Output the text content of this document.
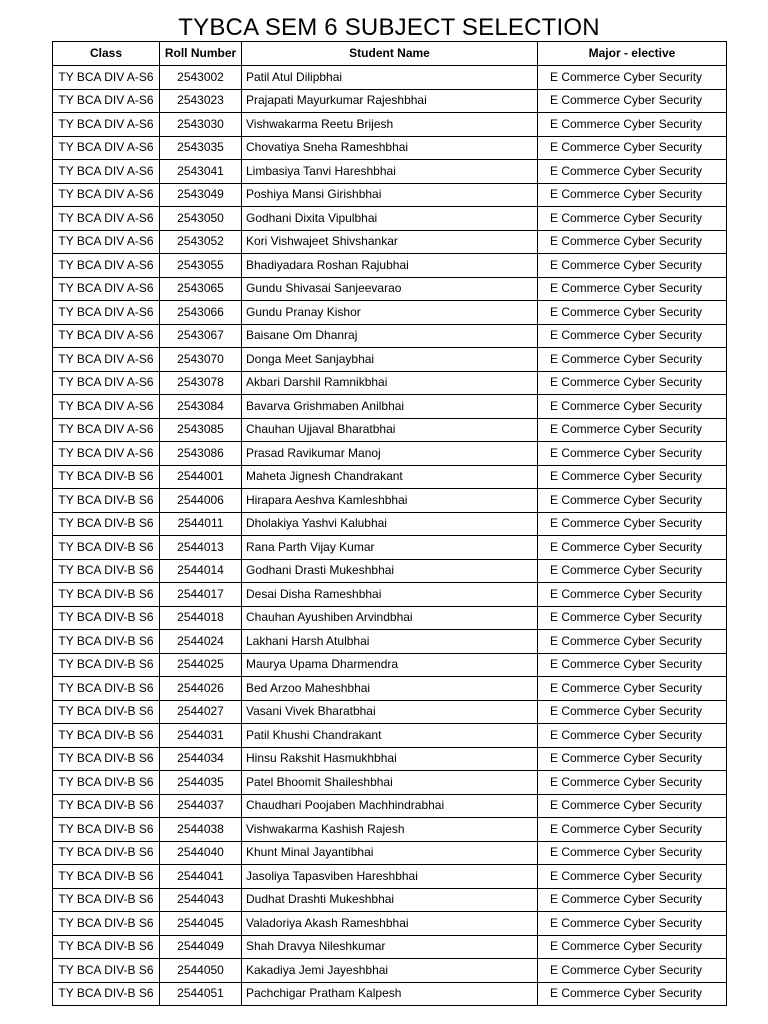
TYBCA SEM 6 SUBJECT SELECTION
Class	Roll Number	Student Name	Major - elective
TY BCA DIV A-S6	2543002	Patil Atul Dilipbhai	E Commerce Cyber Security
TY BCA DIV A-S6	2543023	Prajapati Mayurkumar Rajeshbhai	E Commerce Cyber Security
TY BCA DIV A-S6	2543030	Vishwakarma Reetu Brijesh	E Commerce Cyber Security
TY BCA DIV A-S6	2543035	Chovatiya Sneha Rameshbhai	E Commerce Cyber Security
TY BCA DIV A-S6	2543041	Limbasiya Tanvi Hareshbhai	E Commerce Cyber Security
TY BCA DIV A-S6	2543049	Poshiya Mansi Girishbhai	E Commerce Cyber Security
TY BCA DIV A-S6	2543050	Godhani Dixita Vipulbhai	E Commerce Cyber Security
TY BCA DIV A-S6	2543052	Kori Vishwajeet Shivshankar	E Commerce Cyber Security
TY BCA DIV A-S6	2543055	Bhadiyadara Roshan Rajubhai	E Commerce Cyber Security
TY BCA DIV A-S6	2543065	Gundu Shivasai Sanjeevarao	E Commerce Cyber Security
TY BCA DIV A-S6	2543066	Gundu Pranay Kishor	E Commerce Cyber Security
TY BCA DIV A-S6	2543067	Baisane Om Dhanraj	E Commerce Cyber Security
TY BCA DIV A-S6	2543070	Donga Meet Sanjaybhai	E Commerce Cyber Security
TY BCA DIV A-S6	2543078	Akbari Darshil Ramnikbhai	E Commerce Cyber Security
TY BCA DIV A-S6	2543084	Bavarva Grishmaben Anilbhai	E Commerce Cyber Security
TY BCA DIV A-S6	2543085	Chauhan Ujjaval Bharatbhai	E Commerce Cyber Security
TY BCA DIV A-S6	2543086	Prasad Ravikumar Manoj	E Commerce Cyber Security
TY BCA DIV-B S6	2544001	Maheta Jignesh Chandrakant	E Commerce Cyber Security
TY BCA DIV-B S6	2544006	Hirapara Aeshva Kamleshbhai	E Commerce Cyber Security
TY BCA DIV-B S6	2544011	Dholakiya Yashvi Kalubhai	E Commerce Cyber Security
TY BCA DIV-B S6	2544013	Rana Parth Vijay Kumar	E Commerce Cyber Security
TY BCA DIV-B S6	2544014	Godhani Drasti Mukeshbhai	E Commerce Cyber Security
TY BCA DIV-B S6	2544017	Desai Disha Rameshbhai	E Commerce Cyber Security
TY BCA DIV-B S6	2544018	Chauhan Ayushiben Arvindbhai	E Commerce Cyber Security
TY BCA DIV-B S6	2544024	Lakhani Harsh Atulbhai	E Commerce Cyber Security
TY BCA DIV-B S6	2544025	Maurya Upama Dharmendra	E Commerce Cyber Security
TY BCA DIV-B S6	2544026	Bed Arzoo Maheshbhai	E Commerce Cyber Security
TY BCA DIV-B S6	2544027	Vasani Vivek Bharatbhai	E Commerce Cyber Security
TY BCA DIV-B S6	2544031	Patil Khushi Chandrakant	E Commerce Cyber Security
TY BCA DIV-B S6	2544034	Hinsu Rakshit Hasmukhbhai	E Commerce Cyber Security
TY BCA DIV-B S6	2544035	Patel Bhoomit Shaileshbhai	E Commerce Cyber Security
TY BCA DIV-B S6	2544037	Chaudhari Poojaben Machhindrabhai	E Commerce Cyber Security
TY BCA DIV-B S6	2544038	Vishwakarma Kashish Rajesh	E Commerce Cyber Security
TY BCA DIV-B S6	2544040	Khunt Minal Jayantibhai	E Commerce Cyber Security
TY BCA DIV-B S6	2544041	Jasoliya Tapasviben Hareshbhai	E Commerce Cyber Security
TY BCA DIV-B S6	2544043	Dudhat Drashti Mukeshbhai	E Commerce Cyber Security
TY BCA DIV-B S6	2544045	Valadoriya Akash Rameshbhai	E Commerce Cyber Security
TY BCA DIV-B S6	2544049	Shah Dravya Nileshkumar	E Commerce Cyber Security
TY BCA DIV-B S6	2544050	Kakadiya Jemi Jayeshbhai	E Commerce Cyber Security
TY BCA DIV-B S6	2544051	Pachchigar Pratham Kalpesh	E Commerce Cyber Security
